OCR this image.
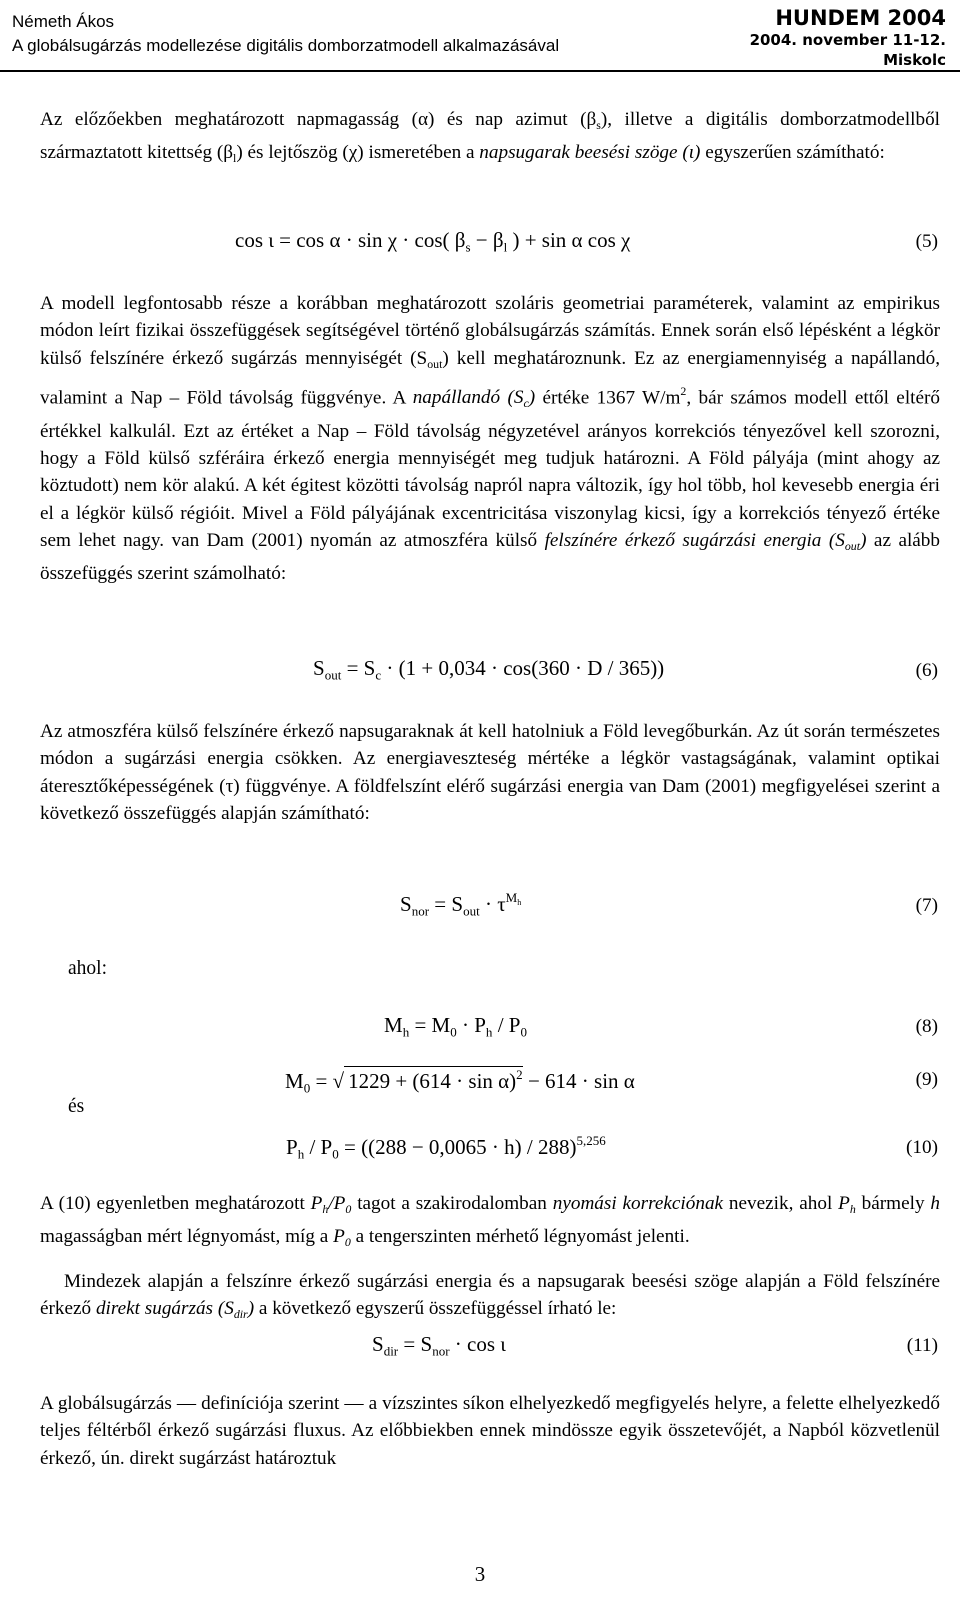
Németh Ákos
A globálsugárzás modellezése digitális domborzatmodell alkalmazásával
HUNDEM 2004
2004. november 11-12.
Miskolc
Az előzőekben meghatározott napmagasság (α) és nap azimut $(\beta_s)$, illetve a digitális domborzatmodellből származtatott kitettség $(\beta_l)$ és lejtőszög (χ) ismeretében a napsugarak beesési szöge (ι) egyszerűen számítható:
cos ι = cos α · sin χ · cos( $\beta_s - \beta_l$ ) + sin α cos χ	(5)
A modell legfontosabb része a korábban meghatározott szoláris geometriai paraméterek, valamint az empirikus módon leírt fizikai összefüggések segítségével történő globálsugárzás számítás. Ennek során első lépésként a légkör külső felszínére érkező sugárzás mennyiségét $(S_{out})$ kell meghatároznunk. Ez az energiamennyiség a napállandó, valamint a Nap – Föld távolság függvénye. A napállandó $(S_c)$ értéke 1367 $W/m^2$, bár számos modell ettől eltérő értékkel kalkulál. Ezt az értéket a Nap – Föld távolság négyzetével arányos korrekciós tényezővel kell szorozni, hogy a Föld külső szféráira érkező energia mennyiségét meg tudjuk határozni. A Föld pályája (mint ahogy az köztudott) nem kör alakú. A két égitest közötti távolság napról napra változik, így hol több, hol kevesebb energia éri el a légkör külső régióit. Mivel a Föld pályájának excentricitása viszonylag kicsi, így a korrekciós tényező értéke sem lehet nagy. van Dam (2001) nyomán az atmoszféra külső felszínére érkező sugárzási energia $(S_{out})$ az alább összefüggés szerint számolható:
$S_{out} = S_c \cdot (1 + 0,034 \cdot \cos(360 \cdot D / 365))$	(6)
Az atmoszféra külső felszínére érkező napsugaraknak át kell hatolniuk a Föld levegőburkán. Az út során természetes módon a sugárzási energia csökken. Az energiaveszteség mértéke a légkör vastagságának, valamint optikai áteresztőképességének (τ) függvénye. A földfelszínt elérő sugárzási energia van Dam (2001) megfigyelései szerint a következő összefüggés alapján számítható:
$S_{nor} = S_{out} \cdot \tau^{M_h}$	(7)
ahol:
$M_h = M_0 \cdot P_h / P_0$	(8)
$M_0$ = √ $1229 + (614 \cdot \sin \alpha)^2 - 614 \cdot \sin \alpha$	(9)
és
$P_h / P_0 = ((288 - 0,0065 \cdot h) / 288)^{5,256}$	(10)
A (10) egyenletben meghatározott $P_h/P_0$ tagot a szakirodalomban nyomási korrekciónak nevezik, ahol $P_h$ bármely h magasságban mért légnyomást, míg a $P_0$ a tengerszinten mérhető légnyomást jelenti.
Mindezek alapján a felszínre érkező sugárzási energia és a napsugarak beesési szöge alapján a Föld felszínére érkező direkt sugárzás $(S_{dir})$ a következő egyszerű összefüggéssel írható le:
$S_{dir} = S_{nor} \cdot \cos \iota$	(11)
A globálsugárzás — definíciója szerint — a vízszintes síkon elhelyezkedő megfigyelés helyre, a felette elhelyezkedő teljes féltérből érkező sugárzási fluxus. Az előbbiekben ennek mindössze egyik összetevőjét, a Napból közvetlenül érkező, ún. direkt sugárzást határoztuk
3
